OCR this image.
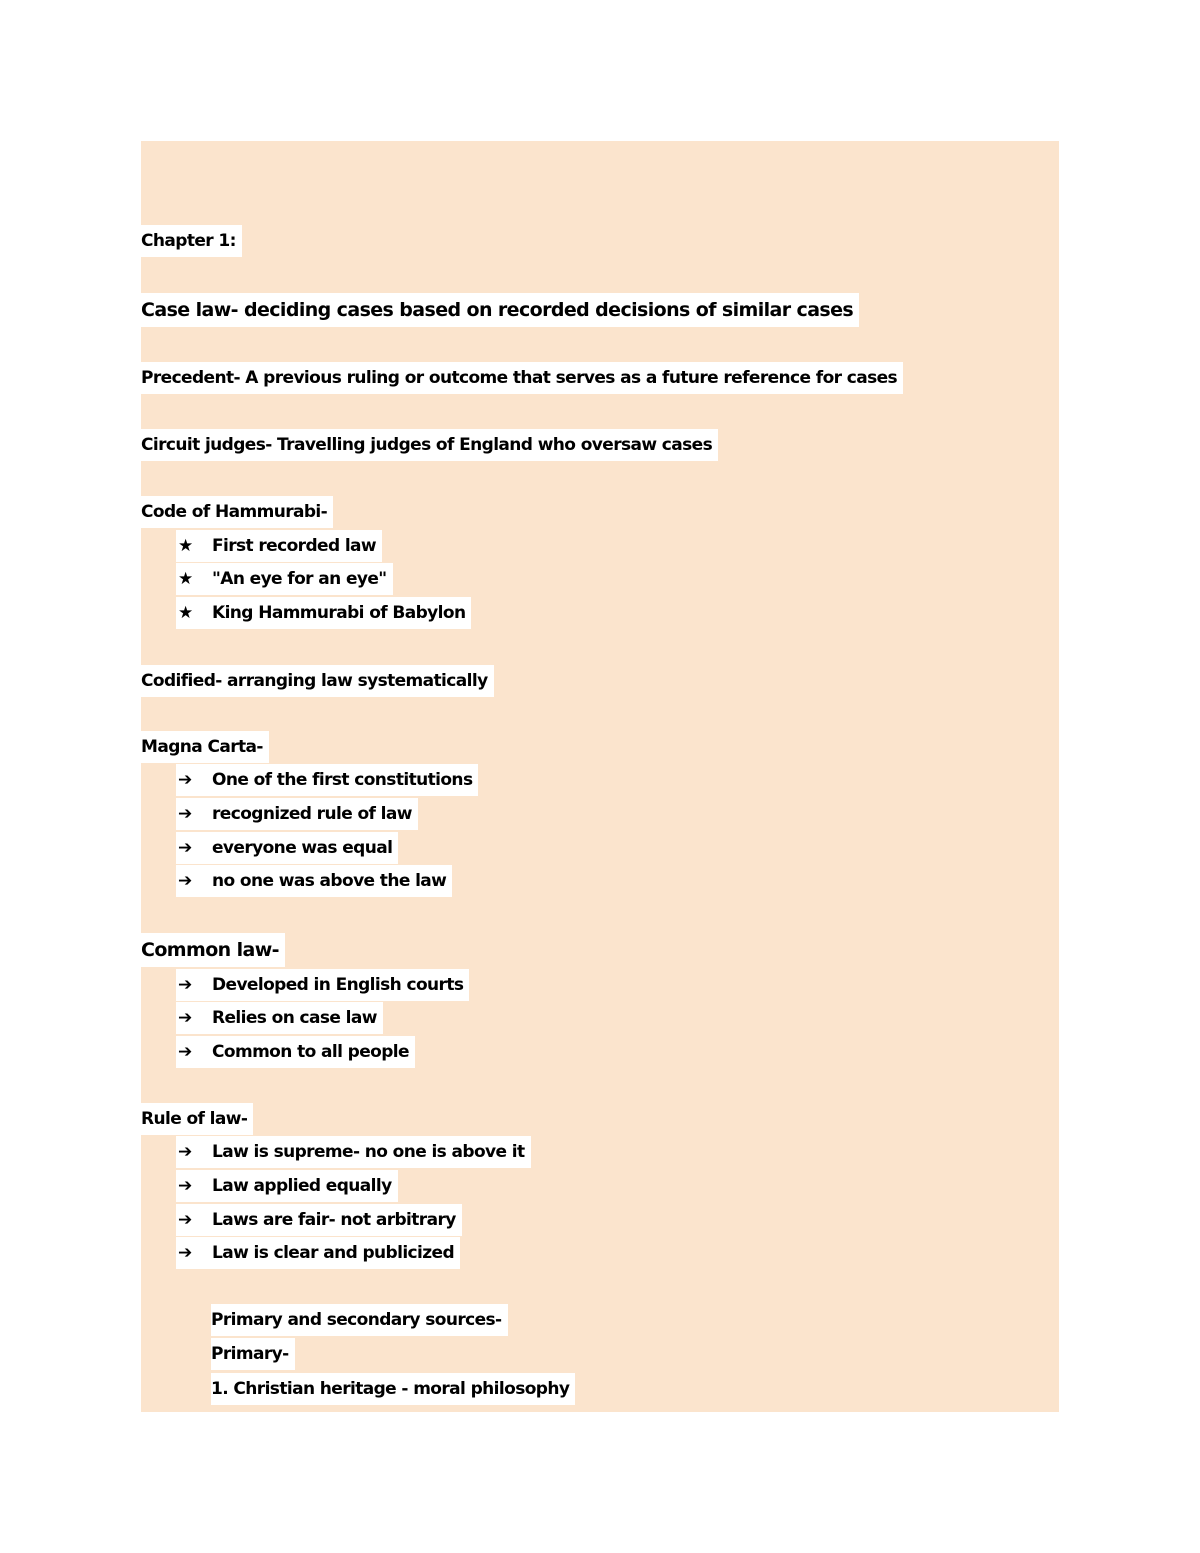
Chapter 1:
Case law- deciding cases based on recorded decisions of similar cases
Precedent- A previous ruling or outcome that serves as a future reference for cases
Circuit judges- Travelling judges of England who oversaw cases
Code of Hammurabi-
★ First recorded law
★ "An eye for an eye"
★ King Hammurabi of Babylon
Codified- arranging law systematically
Magna Carta-
➔ One of the first constitutions
➔ recognized rule of law
➔ everyone was equal
➔ no one was above the law
Common law-
➔ Developed in English courts
➔ Relies on case law
➔ Common to all people
Rule of law-
➔ Law is supreme- no one is above it
➔ Law applied equally
➔ Laws are fair- not arbitrary
➔ Law is clear and publicized
Primary and secondary sources-
Primary-
1. Christian heritage - moral philosophy
